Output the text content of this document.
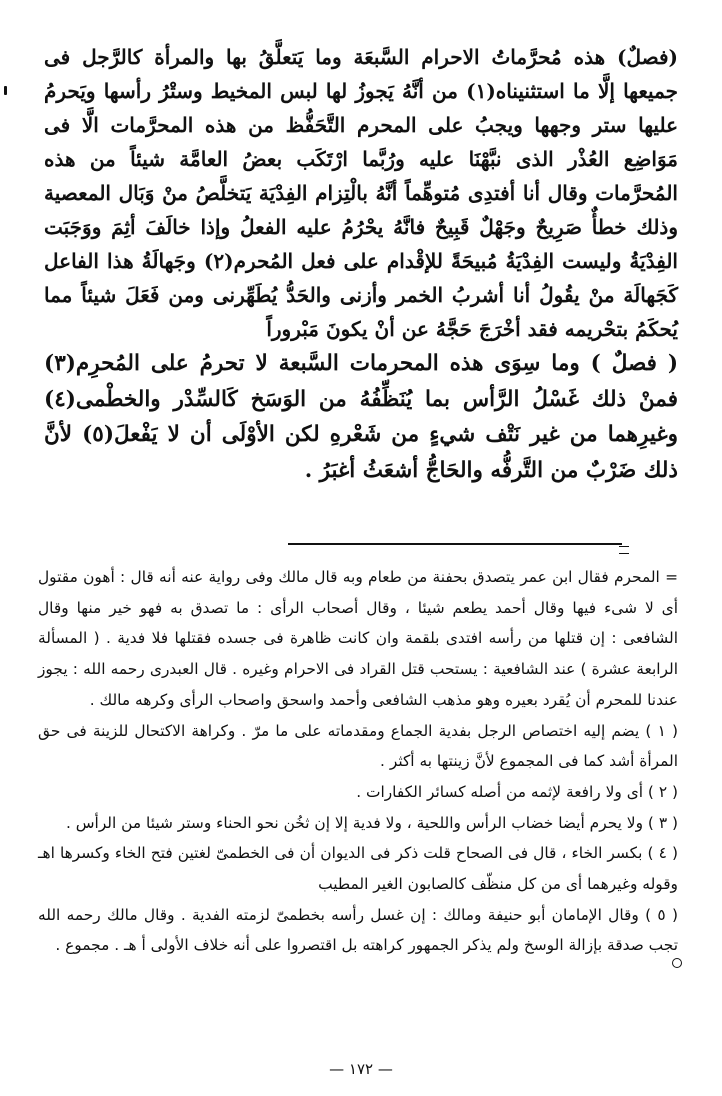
(فصلٌ) هذه مُحرَّماتُ الاحرام السَّبعَة وما يَتعلَّقُ بها والمرأة كالرَّجل فى جميعها إلَّا ما استثنيناه(١) من أنَّهُ يَجوزُ لها لبس المخيط وستْرُ رأسها ويَحرمُ عليها ستر وجهها ويجبُ على المحرم التَّحَفُّظ من هذه المحرَّمات الَّا فى مَوَاضِع العُذْر الذى نبَّهْنَا عليه ورُبَّما ارْتَكَب بعضُ العامَّة شيئاً من هذه المُحرَّمات وقال أنا أفتدِى مُتوهِّماً أنَّهُ بالْتِزام الفِدْيَة يَتخلَّصُ منْ وَبَال المعصية وذلك خطأٌ صَرِيحٌ وجَهْلٌ قَبِيحٌ فانَّهُ يحْرُمُ عليه الفعلُ وإذا خالَفَ أثِمَ ووَجَبَت الفِدْيَةُ وليست الفِدْيَةُ مُبيحَةً للإقْدام على فعل المُحرم(٢) وجَهالَةُ هذا الفاعل كَجَهالَة منْ يقُولُ أنا أشربُ الخمر وأزنى والحَدُّ يُطَهِّرنى ومن فَعَلَ شيئاً مما يُحكَمُ بتحْريمه فقد أخْرَجَ حَجَّهُ عن أنْ يكونَ مَبْروراً

( فصلٌ ) وما سِوَى هذه المحرمات السَّبعة لا تحرمُ على المُحرِم(٣) فمنْ ذلك غَسْلُ الرَّأس بما يُنَظِّفُهُ من الوَسَخ كَالسِّدْر والخطْمى(٤) وغيرِهما من غير نَتْف شيءٍ من شَعْرهِ لكن الأوْلَى أن لا يَفْعلَ(٥) لأنَّ ذلك ضَرْبٌ من التَّرفُّه والحَاجُّ أشعَثُ أغبَرُ .

= المحرم فقال ابن عمر يتصدق بحفنة من طعام وبه قال مالك وفى رواية عنه أنه قال : أهون مقتول أى لا شىء فيها وقال أحمد يطعم شيئا ، وقال أصحاب الرأى : ما تصدق به فهو خير منها وقال الشافعى : إن قتلها من رأسه افتدى بلقمة وان كانت ظاهرة فى جسده فقتلها فلا فدية . ( المسألة الرابعة عشرة ) عند الشافعية : يستحب قتل القراد فى الاحرام وغيره . قال العبدرى رحمه الله : يجوز عندنا للمحرم أن يُقرد بعيره وهو مذهب الشافعى وأحمد واسحق واصحاب الرأى وكرهه مالك .

( ١ ) يضم إليه اختصاص الرجل بفدية الجماع ومقدماته على ما مرّ . وكراهة الاكتحال للزينة فى حق المرأة أشد كما فى المجموع لأنَّ زينتها به أكثر .

( ٢ ) أى ولا رافعة لإثمه من أصله كسائر الكفارات .

( ٣ ) ولا يحرم أيضا خضاب الرأس واللحية ، ولا فدية إلا إن ثخُن نحو الحناء وستر شيئا من الرأس .

( ٤ ) بكسر الخاء ، قال فى الصحاح قلت ذكر فى الديوان أن فى الخطمىّ لغتين فتح الخاء وكسرها اهـ وقوله وغيرهما أى من كل منظّف كالصابون الغير المطيب

( ٥ ) وقال الإمامان أبو حنيفة ومالك : إن غسل رأسه بخطمىّ لزمته الفدية . وقال مالك رحمه الله تجب صدقة بإزالة الوسخ ولم يذكر الجمهور كراهته بل اقتصروا على أنه خلاف الأولى أ هـ . مجموع .

— ١٧٢ —
